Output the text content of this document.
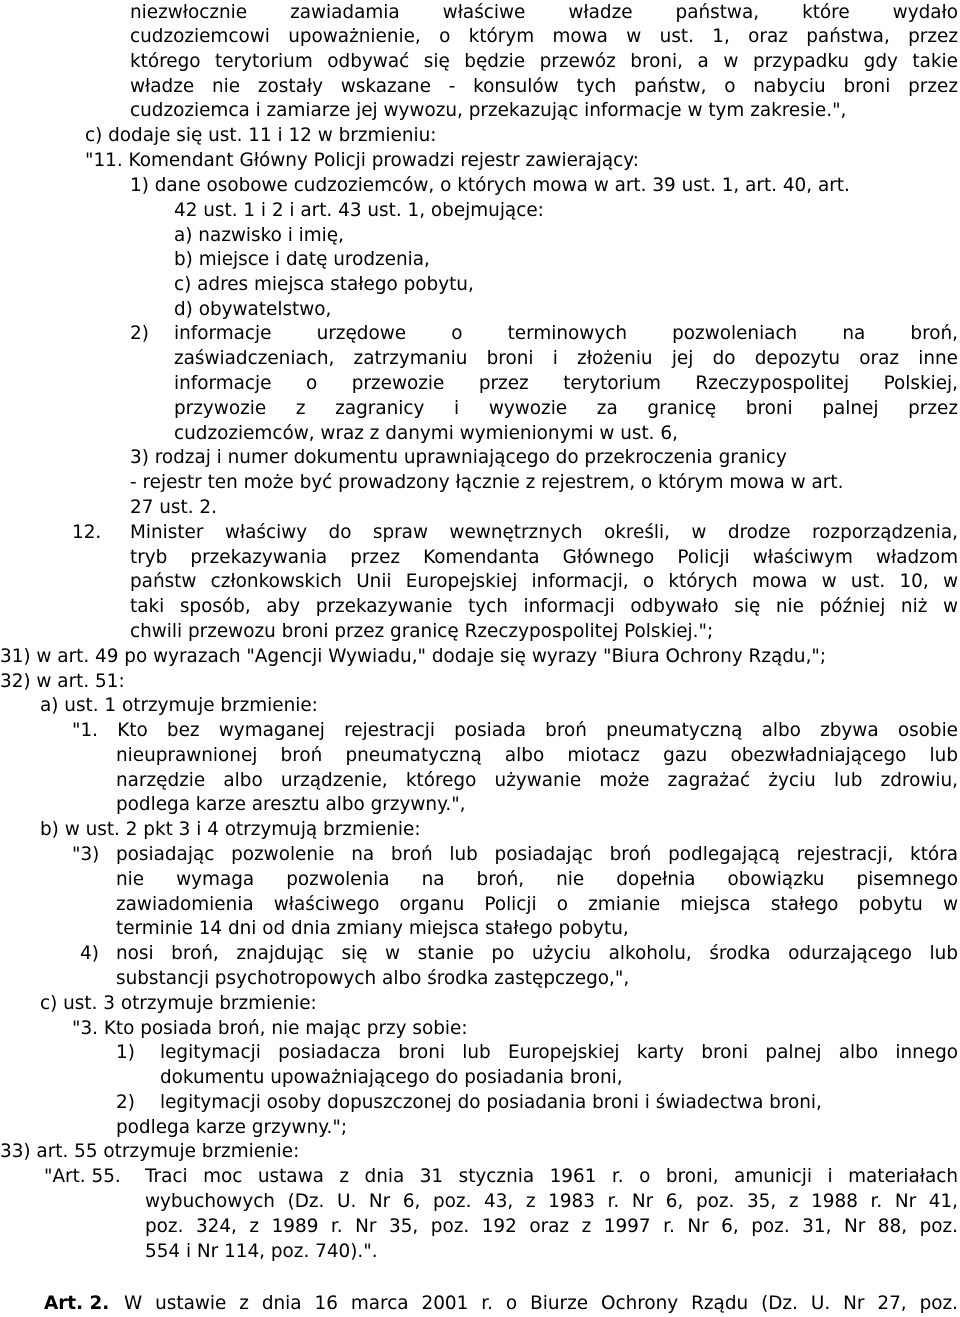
niezwłocznie zawiadamia właściwe władze państwa, które wydało
cudzoziemcowi upoważnienie, o którym mowa w ust. 1, oraz państwa, przez
którego terytorium odbywać się będzie przewóz broni, a w przypadku gdy takie
władze nie zostały wskazane - konsulów tych państw, o nabyciu broni przez
cudzoziemca i zamiarze jej wywozu, przekazując informacje w tym zakresie.",
c) dodaje się ust. 11 i 12 w brzmieniu:
"11. Komendant Główny Policji prowadzi rejestr zawierający:
1) dane osobowe cudzoziemców, o których mowa w art. 39 ust. 1, art. 40, art.
42 ust. 1 i 2 i art. 43 ust. 1, obejmujące:
a) nazwisko i imię,
b) miejsce i datę urodzenia,
c) adres miejsca stałego pobytu,
d) obywatelstwo,
informacje urzędowe o terminowych pozwoleniach na broń,
2)
zaświadczeniach, zatrzymaniu broni i złożeniu jej do depozytu oraz inne
informacje o przewozie przez terytorium Rzeczypospolitej Polskiej,
przywozie z zagranicy i wywozie za granicę broni palnej przez
cudzoziemców, wraz z danymi wymienionymi w ust. 6,
3) rodzaj i numer dokumentu uprawniającego do przekroczenia granicy
- rejestr ten może być prowadzony łącznie z rejestrem, o którym mowa w art.
27 ust. 2.
Minister właściwy do spraw wewnętrznych określi, w drodze rozporządzenia,
12.
tryb przekazywania przez Komendanta Głównego Policji właściwym władzom
państw członkowskich Unii Europejskiej informacji, o których mowa w ust. 10, w
taki sposób, aby przekazywanie tych informacji odbywało się nie później niż w
chwili przewozu broni przez granicę Rzeczypospolitej Polskiej.";
31) w art. 49 po wyrazach "Agencji Wywiadu," dodaje się wyrazy "Biura Ochrony Rządu,";
32) w art. 51:
a) ust. 1 otrzymuje brzmienie:
"1. Kto bez wymaganej rejestracji posiada broń pneumatyczną albo zbywa osobie
nieuprawnionej broń pneumatyczną albo miotacz gazu obezwładniającego lub
narzędzie albo urządzenie, którego używanie może zagrażać życiu lub zdrowiu,
podlega karze aresztu albo grzywny.",
b) w ust. 2 pkt 3 i 4 otrzymują brzmienie:
posiadając pozwolenie na broń lub posiadając broń podlegającą rejestracji, która
"3)
nie wymaga pozwolenia na broń, nie dopełnia obowiązku pisemnego
zawiadomienia właściwego organu Policji o zmianie miejsca stałego pobytu w
terminie 14 dni od dnia zmiany miejsca stałego pobytu,
nosi broń, znajdując się w stanie po użyciu alkoholu, środka odurzającego lub
4)
substancji psychotropowych albo środka zastępczego,",
c) ust. 3 otrzymuje brzmienie:
"3. Kto posiada broń, nie mając przy sobie:
legitymacji posiadacza broni lub Europejskiej karty broni palnej albo innego
1)
dokumentu upoważniającego do posiadania broni,
legitymacji osoby dopuszczonej do posiadania broni i świadectwa broni,
2)
podlega karze grzywny.";
33) art. 55 otrzymuje brzmienie:
Traci moc ustawa z dnia 31 stycznia 1961 r. o broni, amunicji i materiałach
"Art. 55.
wybuchowych (Dz. U. Nr 6, poz. 43, z 1983 r. Nr 6, poz. 35, z 1988 r. Nr 41,
poz. 324, z 1989 r. Nr 35, poz. 192 oraz z 1997 r. Nr 6, poz. 31, Nr 88, poz.
554 i Nr 114, poz. 740).".
Art. 2. W ustawie z dnia 16 marca 2001 r. o Biurze Ochrony Rządu (Dz. U. Nr 27, poz.
